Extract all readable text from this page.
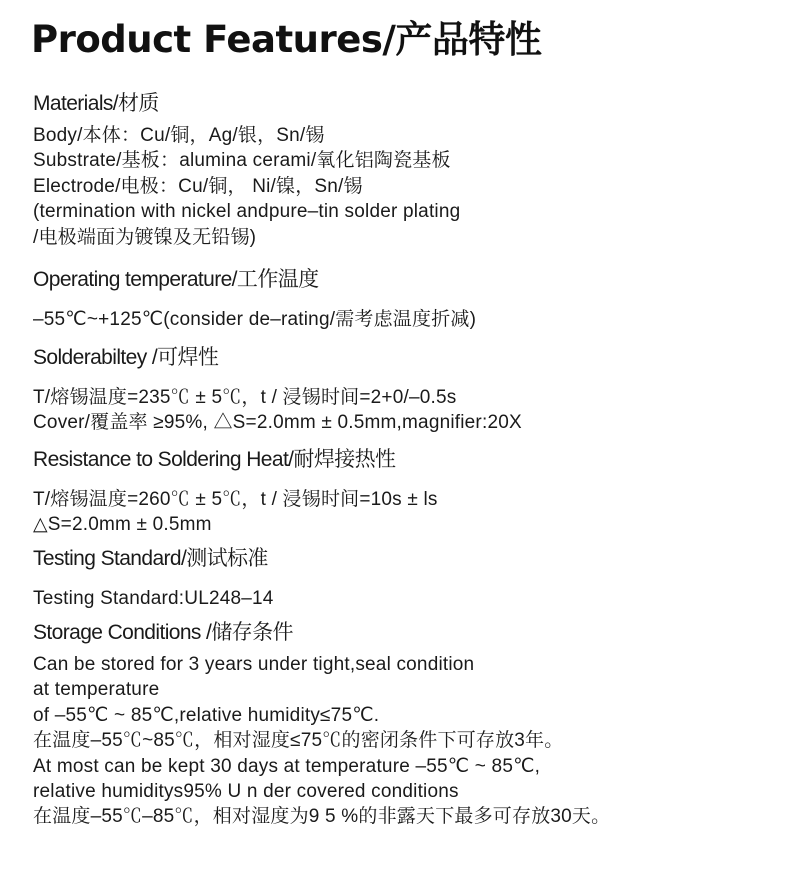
Product Features/产品特性
Materials/材质
Body/本体：Cu/铜，Ag/银，Sn/锡
Substrate/基板：alumina cerami/氧化铝陶瓷基板
Electrode/电极：Cu/铜， Ni/镍，Sn/锡
(termination with nickel andpure–tin solder plating
/电极端面为镀镍及无铅锡)
Operating temperature/工作温度
–55℃~+125℃(consider de–rating/需考虑温度折减)
Solderabiltey /可焊性
T/熔锡温度=235℃ ± 5℃，t / 浸锡时间=2+0/–0.5s
Cover/覆盖率 ≥95%, △S=2.0mm ± 0.5mm,magnifier:20X
Resistance to Soldering Heat/耐焊接热性
T/熔锡温度=260℃ ± 5℃，t / 浸锡时间=10s ± ls
△S=2.0mm ± 0.5mm
Testing Standard/测试标准
Testing Standard:UL248–14
Storage Conditions /储存条件
Can be stored for 3 years under tight,seal condition
at temperature
of –55℃ ~ 85℃,relative humidity≤75℃.
在温度–55℃~85℃，相对湿度≤75℃的密闭条件下可存放3年。
At most can be kept 30 days at temperature –55℃ ~ 85℃,
relative humiditys95% U n der covered conditions
在温度–55℃–85℃，相对湿度为9 5 %的非露天下最多可存放30天。
